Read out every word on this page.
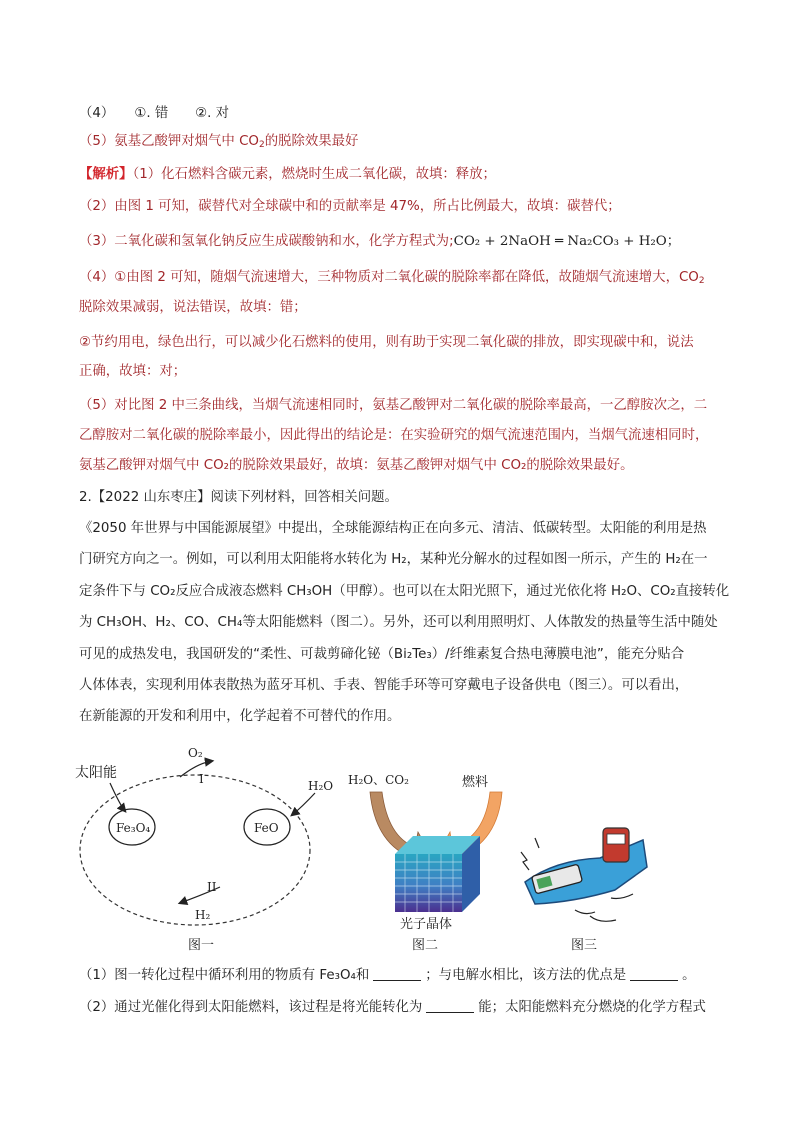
（4）　　①. 错　　②. 对
（5）氨基乙酸钾对烟气中 $CO_2$的脱除效果最好
【解析】（1）化石燃料含碳元素，燃烧时生成二氧化碳，故填：释放；
（2）由图 1 可知，碳替代对全球碳中和的贡献率是 47%，所占比例最大，故填：碳替代；
（3）二氧化碳和氢氧化钠反应生成碳酸钠和水，化学方程式为;CO₂ + 2NaOH ═ Na₂CO₃ + H₂O；
（4）①由图 2 可知，随烟气流速增大，三种物质对二氧化碳的脱除率都在降低，故随烟气流速增大，$CO_2$
脱除效果减弱，说法错误，故填：错；
②节约用电，绿色出行，可以减少化石燃料的使用，则有助于实现二氧化碳的排放，即实现碳中和，说法
正确，故填：对；
（5）对比图 2 中三条曲线，当烟气流速相同时，氨基乙酸钾对二氧化碳的脱除率最高，一乙醇胺次之，二
乙醇胺对二氧化碳的脱除率最小，因此得出的结论是：在实验研究的烟气流速范围内，当烟气流速相同时，
氨基乙酸钾对烟气中 CO₂的脱除效果最好，故填：氨基乙酸钾对烟气中 CO₂的脱除效果最好。
2.【2022 山东枣庄】阅读下列材料，回答相关问题。
《2050 年世界与中国能源展望》中提出，全球能源结构正在向多元、清洁、低碳转型。太阳能的利用是热
门研究方向之一。例如，可以利用太阳能将水转化为 H₂，某种光分解水的过程如图一所示，产生的 H₂在一
定条件下与 CO₂反应合成液态燃料 CH₃OH（甲醇）。也可以在太阳光照下，通过光依化将 H₂O、CO₂直接转化
为 CH₃OH、H₂、CO、CH₄等太阳能燃料（图二）。另外，还可以利用照明灯、人体散发的热量等生活中随处
可见的成热发电，我国研发的“柔性、可裁剪碲化铋（Bi₂Te₃）/纤维素复合热电薄膜电池”，能充分贴合
人体体表，实现利用体表散热为蓝牙耳机、手表、智能手环等可穿戴电子设备供电（图三）。可以看出，
在新能源的开发和利用中，化学起着不可替代的作用。
太阳能
O₂
H₂O
Fe₃O₄	FeO
I
II
H₂
图一
H₂O、CO₂	燃料
光子晶体
图二	图三
（1）图一转化过程中循环利用的物质有 Fe₃O₄和	；与电解水相比，该方法的优点是	。
（2）通过光催化得到太阳能燃料，该过程是将光能转化为	能；太阳能燃料充分燃烧的化学方程式
